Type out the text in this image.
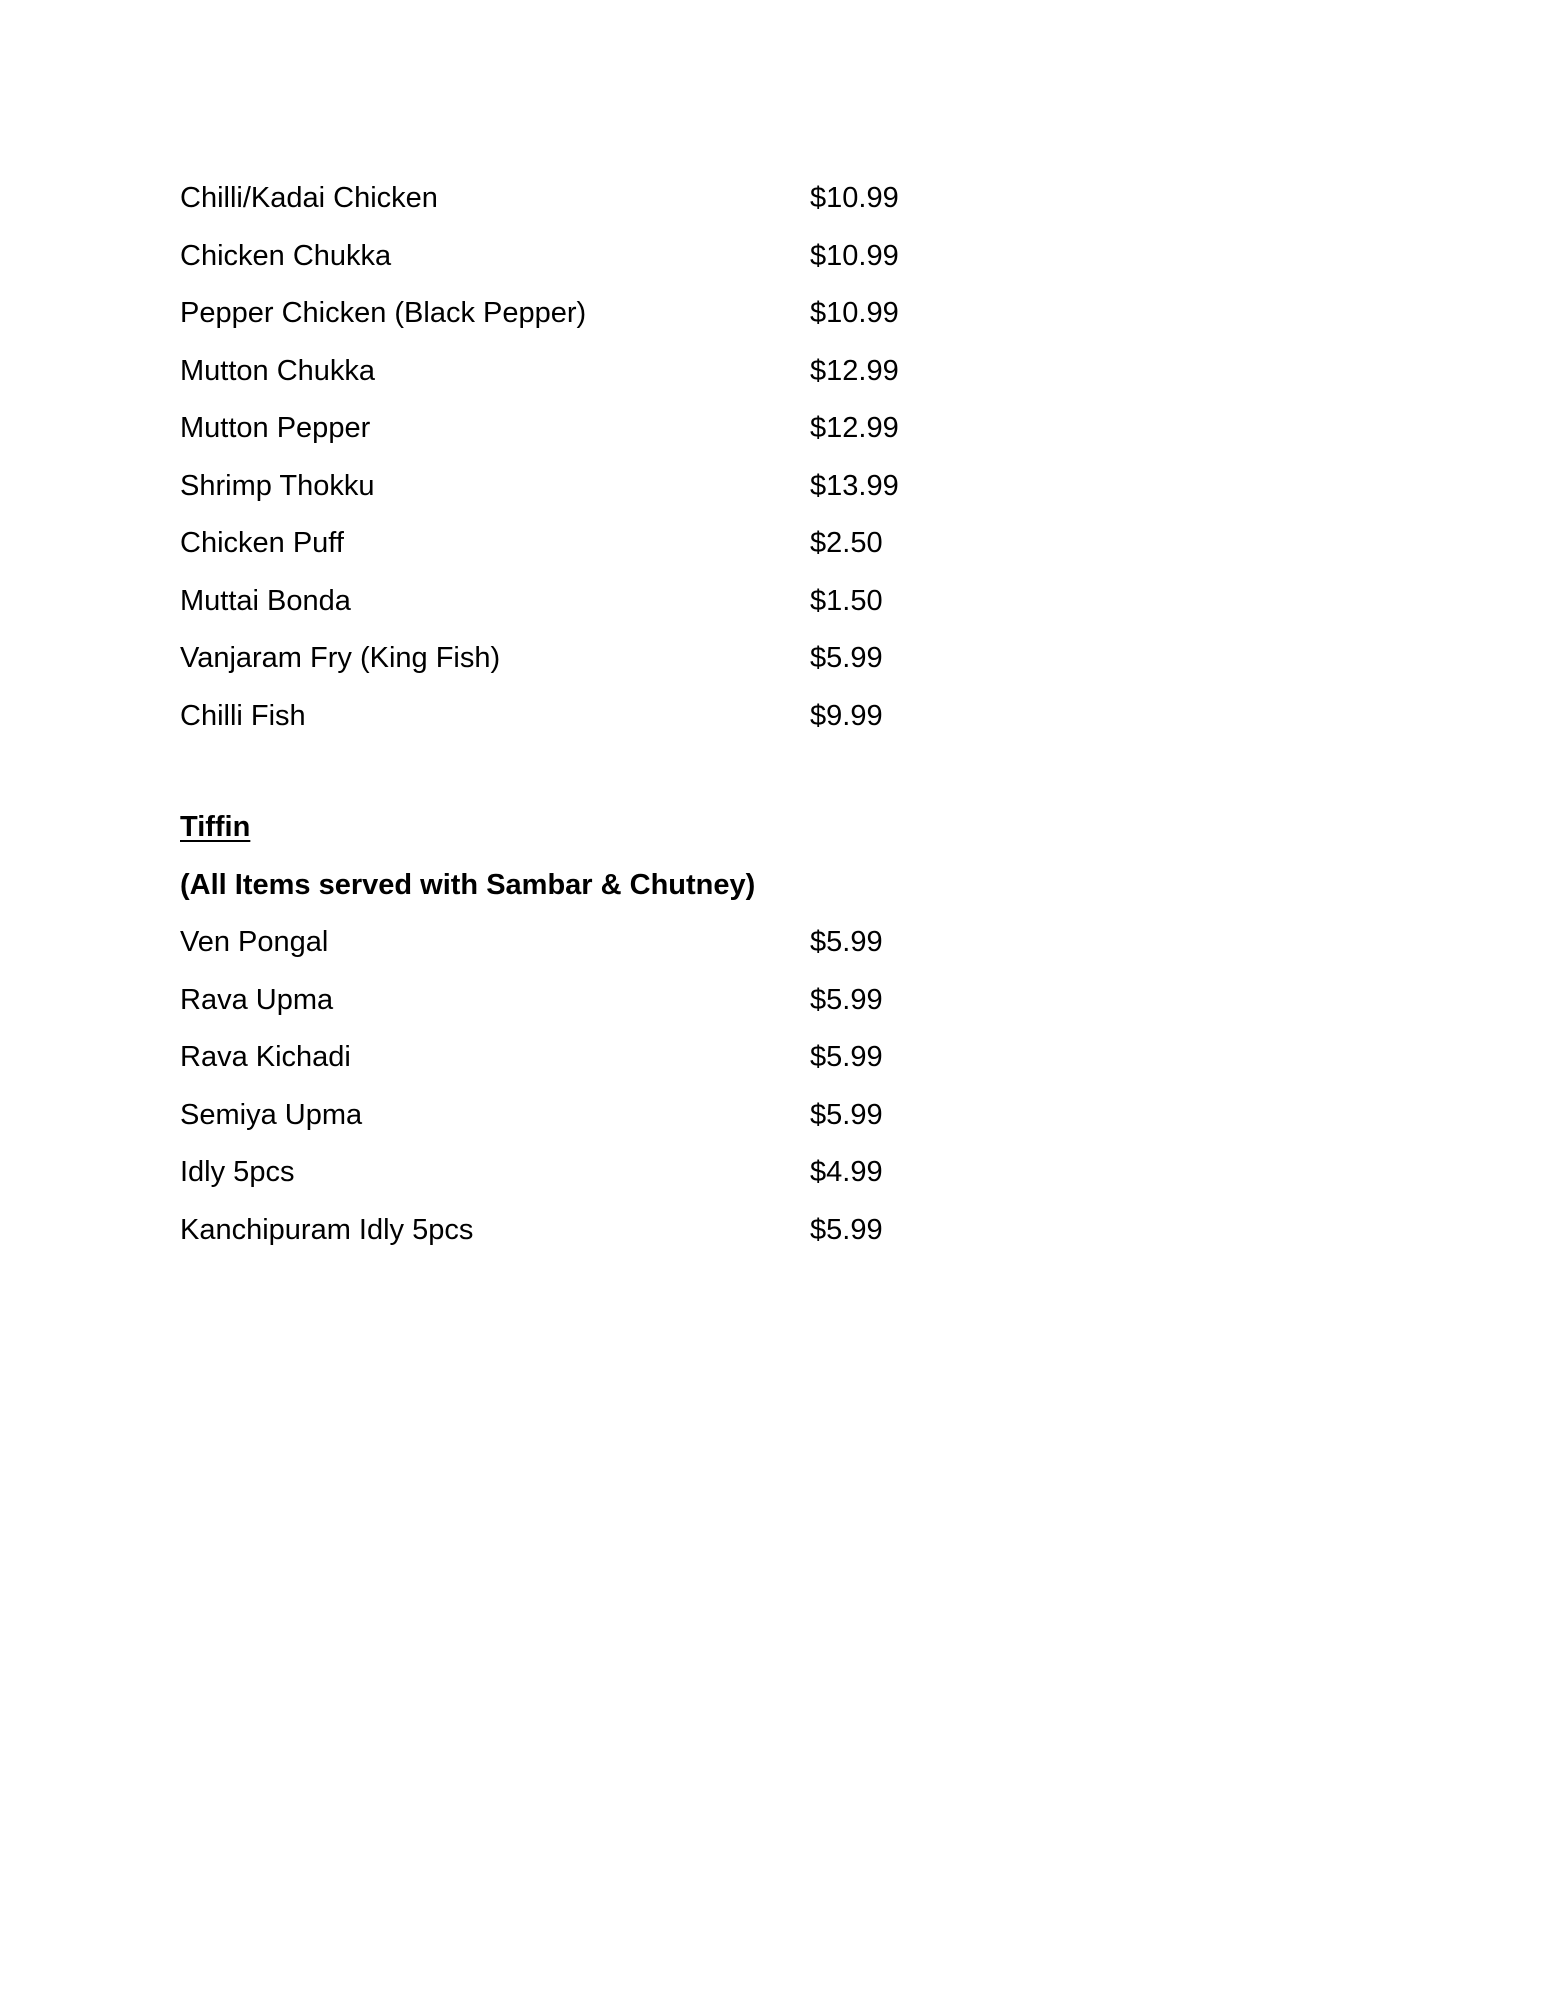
Chilli/Kadai Chicken	$10.99
Chicken Chukka	$10.99
Pepper Chicken (Black Pepper)	$10.99
Mutton Chukka	$12.99
Mutton Pepper	$12.99
Shrimp Thokku	$13.99
Chicken Puff	$2.50
Muttai Bonda	$1.50
Vanjaram Fry (King Fish)	$5.99
Chilli Fish	$9.99
Tiffin
(All Items served with Sambar & Chutney)
Ven Pongal	$5.99
Rava Upma	$5.99
Rava Kichadi	$5.99
Semiya Upma	$5.99
Idly 5pcs	$4.99
Kanchipuram Idly 5pcs	$5.99
